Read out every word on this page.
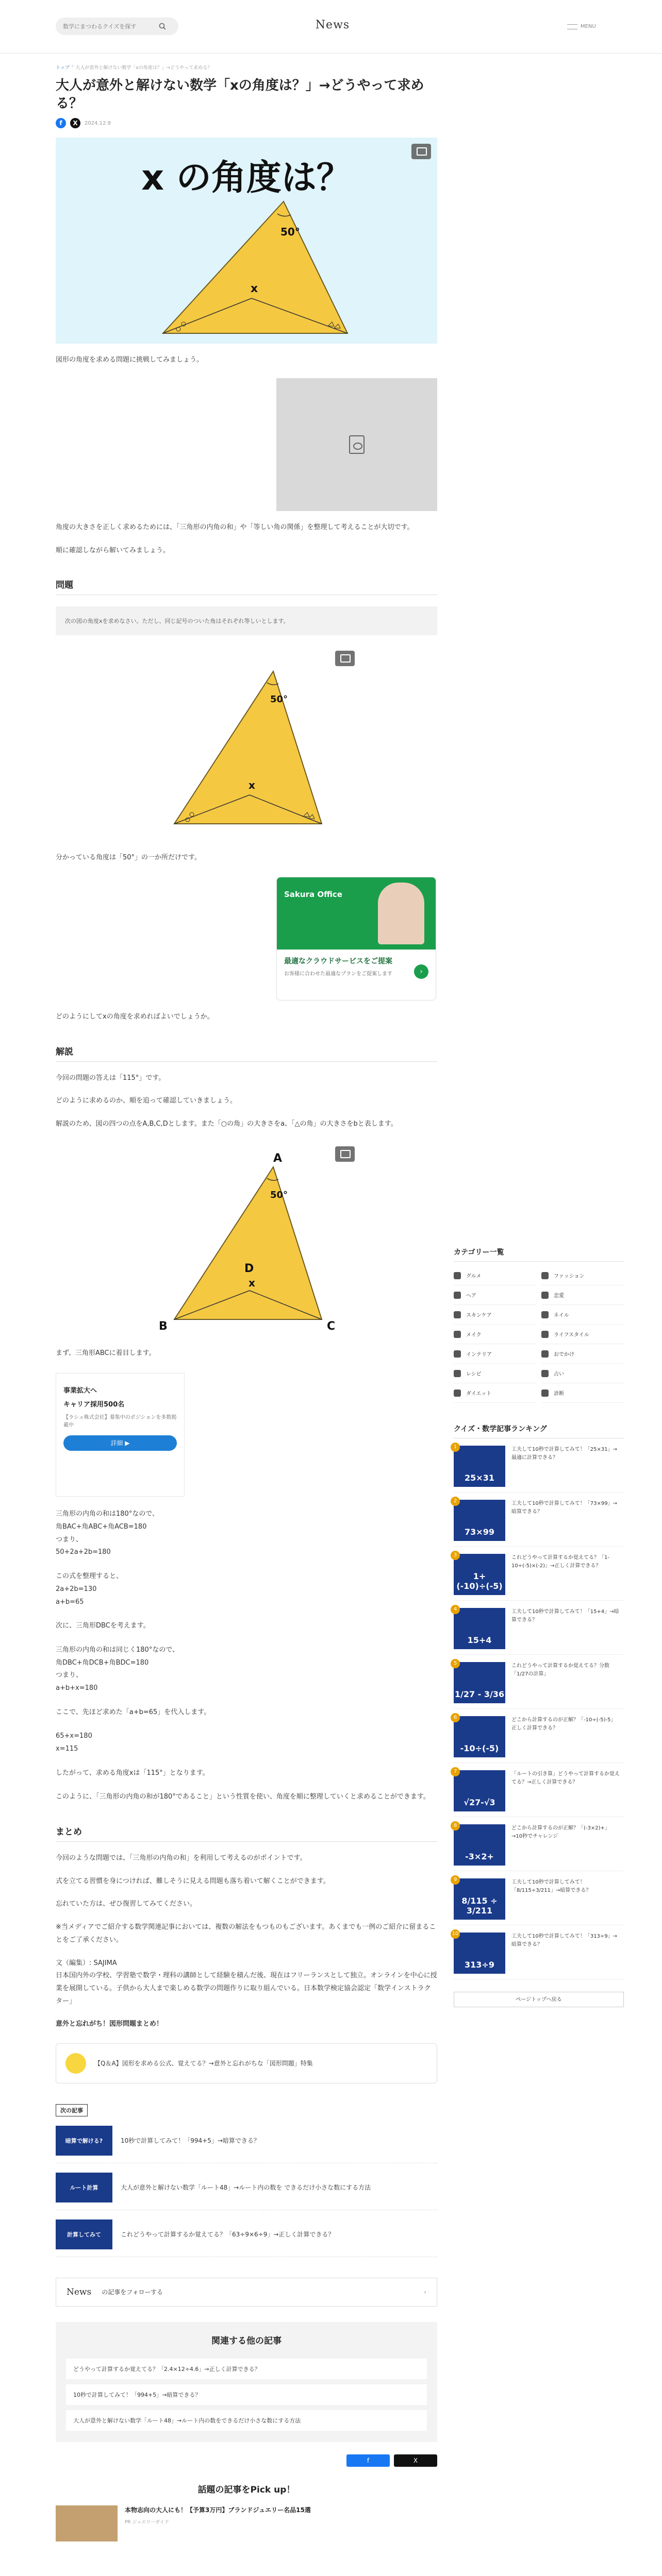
数学にまつわるクイズを探す
News	MENU
トップ › 大人が意外と解けない数学「xの角度は？」→どうやって求める？
大人が意外と解けない数学「xの角度は？」→どうやって求める？
f	X	2024.12.9
x の角度は？
50°
x

図形の角度を求める問題に挑戦してみましょう。

角度の大きさを正しく求めるためには、「三角形の内角の和」や「等しい角の関係」を整理して考えることが大切です。

順に確認しながら解いてみましょう。

問題
次の図の角度xを求めなさい。ただし、同じ記号のついた角はそれぞれ等しいとします。
50°
x

分かっている角度は「50°」の一か所だけです。

Sakura Office
最適なクラウドサービスをご提案
お客様に合わせた最適なプランをご提案します	›

どのようにしてxの角度を求めればよいでしょうか。

解説

今回の問題の答えは「115°」です。

どのように求めるのか、順を追って確認していきましょう。

解説のため、図の四つの点をA,B,C,Dとします。また「○の角」の大きさをa、「△の角」の大きさをbと表します。

A
B	C
D
50°
x

まず、三角形ABCに着目します。

事業拡大へ
キャリア採用500名
【ラシュ株式会社】募集中のポジションを多数掲載中
詳細 ▶
三角形の内角の和は180°なので、
角BAC+角ABC+角ACB=180
つまり、
50+2a+2b=180
この式を整理すると、
2a+2b=130
a+b=65

次に、三角形DBCを考えます。

三角形の内角の和は同じく180°なので、
角DBC+角DCB+角BDC=180
つまり、
a+b+x=180

ここで、先ほど求めた「a+b=65」を代入します。

65+x=180
x=115

したがって、求める角度xは「115°」となります。

このように、「三角形の内角の和が180°であること」という性質を使い、角度を順に整理していくと求めることができます。

まとめ

今回のような問題では、「三角形の内角の和」を利用して考えるのがポイントです。

式を立てる習慣を身につければ、難しそうに見える問題も落ち着いて解くことができます。

忘れていた方は、ぜひ復習してみてください。

※当メディアでご紹介する数学関連記事においては、複数の解法をもつものもございます。あくまでも一例のご紹介に留まることをご了承ください。

文（編集）: SAJIMA

日本国内外の学校、学習塾で数学・理科の講師として経験を積んだ後、現在はフリーランスとして独立。オンラインを中心に授業を展開している。子供から大人まで楽しめる数学の問題作りに取り組んでいる。日本数学検定協会認定「数学インストラクター」

意外と忘れがち！図形問題まとめ！

【Q＆A】図形を求める公式、覚えてる？→意外と忘れがちな「図形問題」特集
次の記事
暗算で解ける?	10秒で計算してみて！「994+5」→暗算できる？
ルート計算	大人が意外と解けない数学「ルート48」→ルート内の数を できるだけ小さな数にする方法
計算してみて	これどうやって計算するか覚えてる？「63÷9×6÷9」→正しく計算できる？
News の記事をフォローする	›
関連する他の記事
どうやって計算するか覚えてる？「2.4×12÷4.6」→正しく計算できる？
10秒で計算してみて！「994+5」→暗算できる？
大人が意外と解けない数学「ルート48」→ルート内の数をできるだけ小さな数にする方法
f	X
話題の記事をPick up！
本物志向の大人にも！【予算3万円】ブランドジュエリー名品15選
PR ジュエリーガイド
カテゴリー一覧
グルメ	ファッション
ヘア	恋愛
スキンケア	ネイル
メイク	ライフスタイル
インテリア	おでかけ
レシピ	占い
ダイエット	診断
クイズ・数学記事ランキング
1
25×31
工夫して10秒で計算してみて！「25×31」→最適に計算できる？
2
73×99
工夫して10秒で計算してみて！「73×99」→暗算できる？
3
1+(-10)÷(-5)
これどうやって計算するか覚えてる？「1-10÷(-5)×(-2)」→正しく計算できる？
4
15+4
工夫して10秒で計算してみて！「15+4」→暗算できる？
5
1/27 - 3/36
これどうやって計算するか覚えてる？分数「1/27の計算」
6
-10÷(-5)
どこから計算するのが正解？「-10÷(-5)-5」正しく計算できる？
7
√27-√3
「ルートの引き算」どうやって計算するか覚えてる？→正しく計算できる？
8
-3×2+
どこから計算するのが正解？「(-3×2)+」→10秒でチャレンジ
9
8/115 ÷ 3/211
工夫して10秒で計算してみて！「8/115÷3/211」→暗算できる？
10
313÷9
工夫して10秒で計算してみて！「313÷9」→暗算できる？
ページトップへ戻る
